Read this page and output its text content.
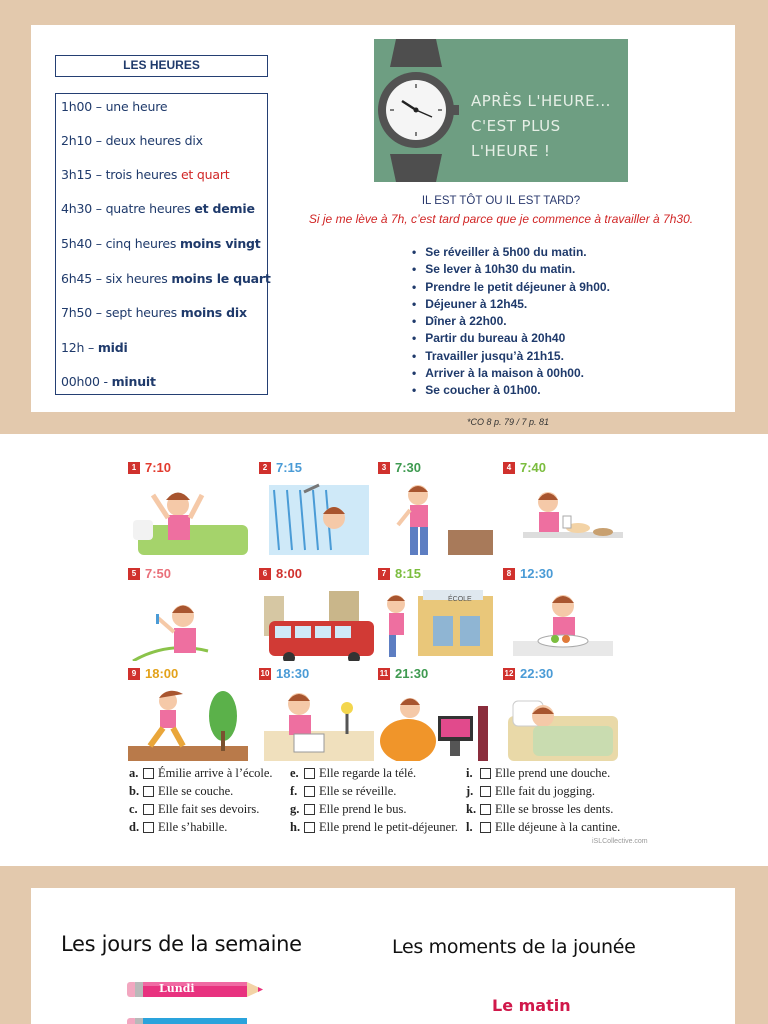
LES HEURES
1h00 – une heure
2h10 – deux heures dix
3h15 – trois heures et quart
4h30 – quatre heures et demie
5h40 – cinq heures moins vingt
6h45 – six heures moins le quart
7h50 – sept heures moins dix
12h – midi
00h00 - minuit
APRÈS L'HEURE...
C'EST PLUS L'HEURE !
IL EST TÔT OU IL EST TARD?
Si je me lève à 7h, c’est tard parce que je commence à travailler à 7h30.
• Se réveiller à 5h00 du matin.
• Se lever à 10h30 du matin.
• Prendre le petit déjeuner à 9h00.
• Déjeuner à 12h45.
• Dîner à 22h00.
• Partir du bureau à 20h40
• Travailler jusqu’à 21h15.
• Arriver à la maison à 00h00.
• Se coucher à 01h00.
*CO 8 p. 79 / 7 p. 81
1 7:10	2 7:15	3 7:30	4 7:40
5 7:50	6 8:00	7 8:15	8 12:30
9 18:00	10 18:30	11 21:30	12 22:30
ÉCOLE
a.	Émilie arrive à l’école.
b.	Elle se couche.
c.	Elle fait ses devoirs.
d.	Elle s’habille.
e.	Elle regarde la télé.
f.	Elle se réveille.
g.	Elle prend le bus.
h.	Elle prend le petit-déjeuner.
i.	Elle prend une douche.
j.	Elle fait du jogging.
k.	Elle se brosse les dents.
l.	Elle déjeune à la cantine.
iSLCollective.com
Les jours de la semaine	Les moments de la jounée
Lundi
Le matin
